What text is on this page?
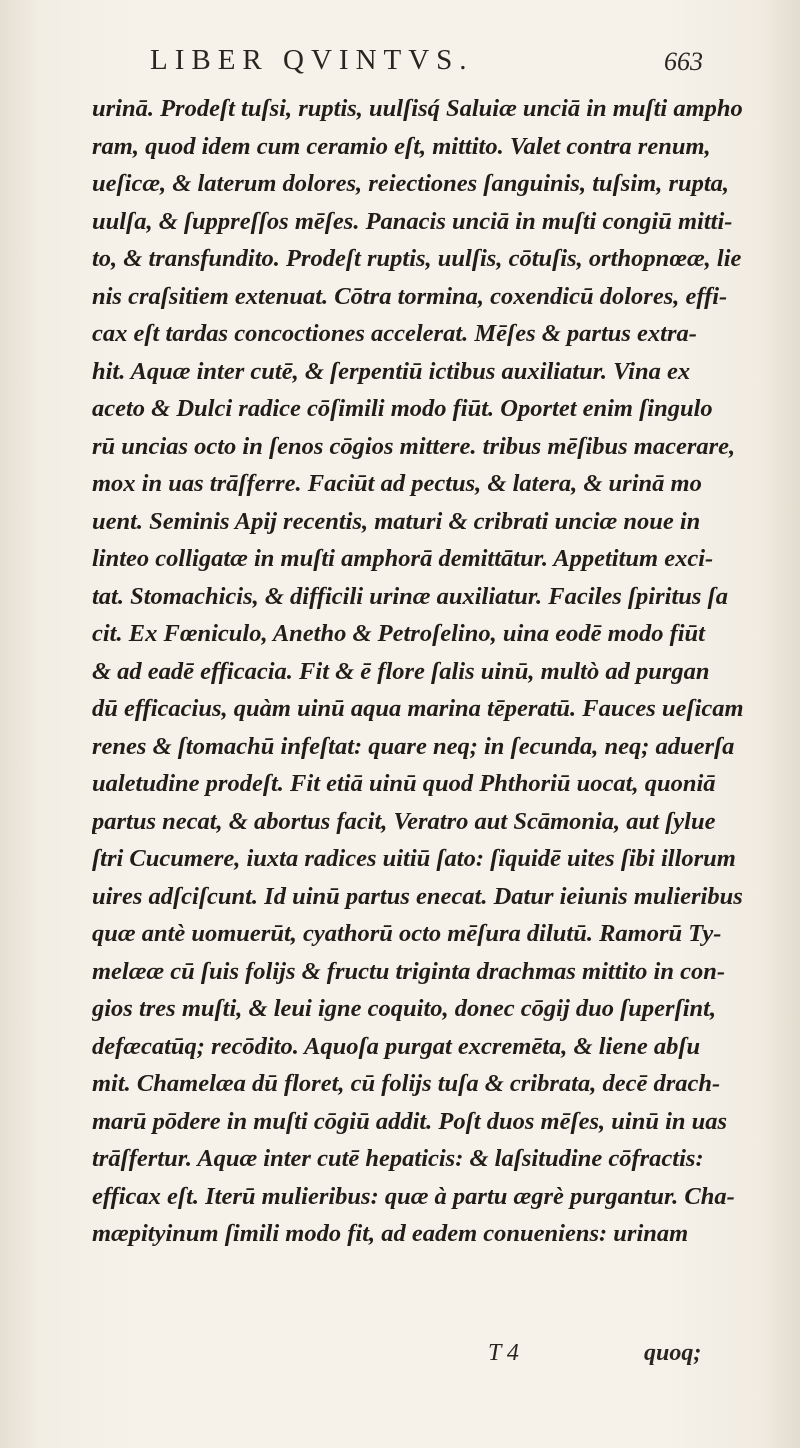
LIBER QVINTVS.	663
urinā. Prodeſt tuſsi, ruptis, uulſisq́ Saluiæ unciā in muſti ampho
ram, quod idem cum ceramio eſt, mittito. Valet contra renum,
ueſicæ, & laterum dolores, reiectiones ſanguinis, tuſsim, rupta,
uulſa, & ſuppreſſos mēſes. Panacis unciā in muſti congiū mitti-
to, & transfundito. Prodeſt ruptis, uulſis, cōtuſis, orthopnœæ, lie
nis craſsitiem extenuat. Cōtra tormina, coxendicū dolores, effi-
cax eſt tardas concoctiones accelerat. Mēſes & partus extra-
hit. Aquæ inter cutē, & ſerpentiū ictibus auxiliatur. Vina ex
aceto & Dulci radice cōſimili modo fiūt. Oportet enim ſingulo
rū uncias octo in ſenos cōgios mittere. tribus mēſibus macerare,
mox in uas trāſferre. Faciūt ad pectus, & latera, & urinā mo
uent. Seminis Apij recentis, maturi & cribrati unciæ noue in
linteo colligatæ in muſti amphorā demittātur. Appetitum exci-
tat. Stomachicis, & difficili urinæ auxiliatur. Faciles ſpiritus ſa
cit. Ex Fœniculo, Anetho & Petroſelino, uina eodē modo fiūt
& ad eadē efficacia. Fit & ē flore ſalis uinū, multò ad purgan
dū efficacius, quàm uinū aqua marina tēperatū. Fauces ueſicam
renes & ſtomachū infeſtat: quare neq; in ſecunda, neq; aduerſa
ualetudine prodeſt. Fit etiā uinū quod Phthoriū uocat, quoniā
partus necat, & abortus facit, Veratro aut Scāmonia, aut ſylue
ſtri Cucumere, iuxta radices uitiū ſato: ſiquidē uites ſibi illorum
uires adſciſcunt. Id uinū partus enecat. Datur ieiunis mulieribus
quæ antè uomuerūt, cyathorū octo mēſura dilutū. Ramorū Ty-
melææ cū ſuis folijs & fructu triginta drachmas mittito in con-
gios tres muſti, & leui igne coquito, donec cōgij duo ſuperſint,
defæcatūq; recōdito. Aquoſa purgat excremēta, & liene abſu
mit. Chamelæa dū floret, cū folijs tuſa & cribrata, decē drach-
marū pōdere in muſti cōgiū addit. Poſt duos mēſes, uinū in uas
trāſfertur. Aquæ inter cutē hepaticis: & laſsitudine cōfractis:
efficax eſt. Iterū mulieribus: quæ à partu ægrè purgantur. Cha-
mæpityinum ſimili modo fit, ad eadem conueniens: urinam
T 4	quoq;
